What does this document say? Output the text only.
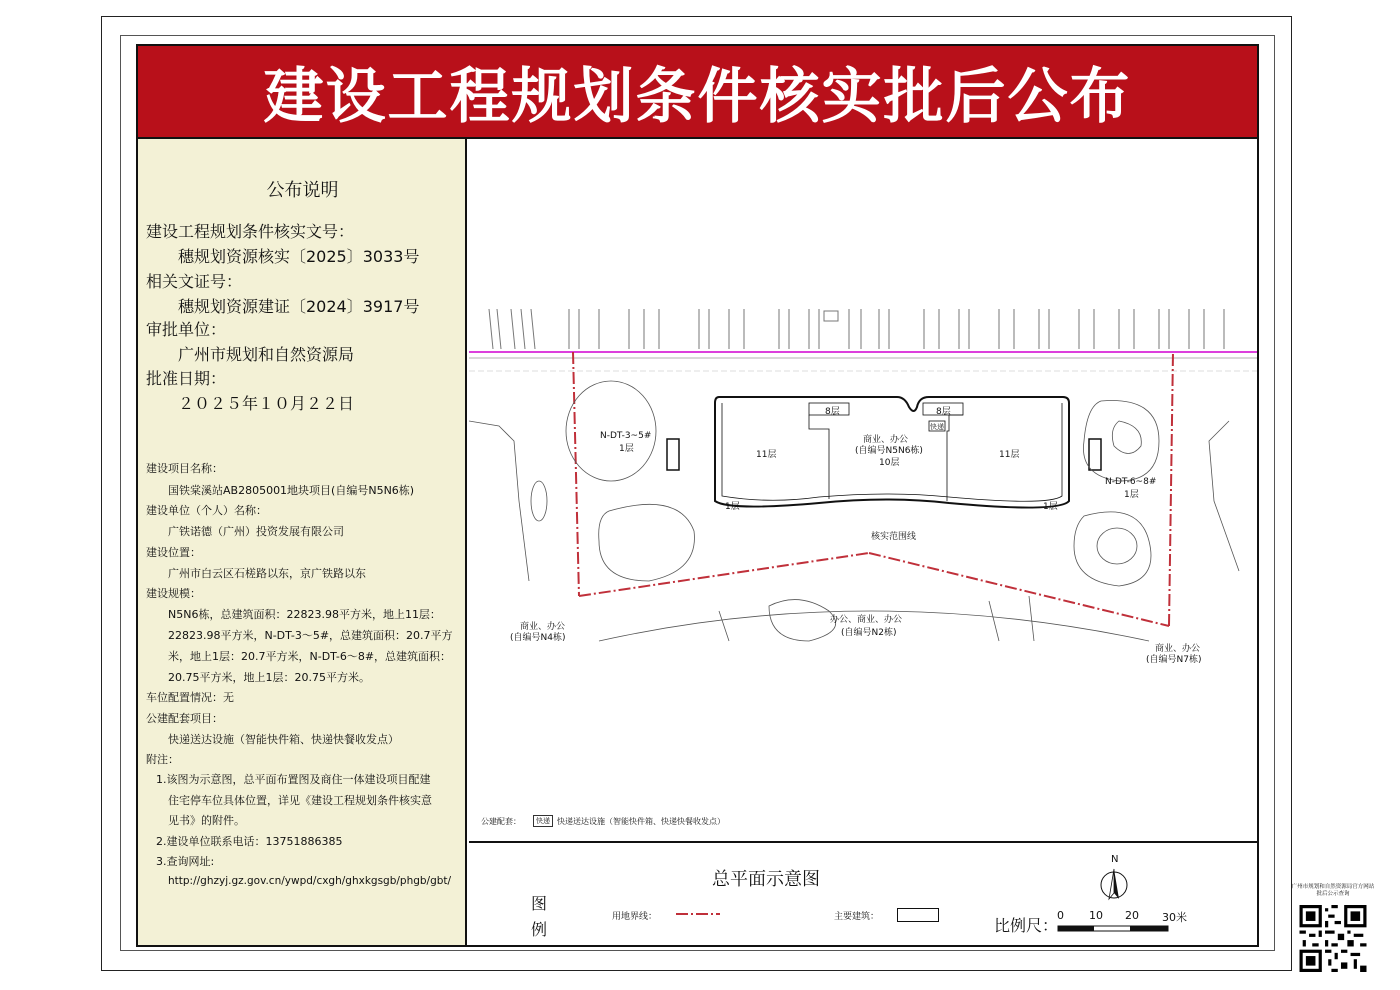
建设工程规划条件核实批后公布
公布说明
建设工程规划条件核实文号：
穗规划资源核实〔2025〕3033号
相关文证号：
穗规划资源建证〔2024〕3917号
审批单位：
广州市规划和自然资源局
批准日期：
２０２５年１０月２２日
建设项目名称：
国铁棠溪站AB2805001地块项目(自编号N5N6栋)
建设单位（个人）名称：
广铁诺德（广州）投资发展有限公司
建设位置：
广州市白云区石槎路以东，京广铁路以东
建设规模：
N5N6栋，总建筑面积：22823.98平方米，地上11层：
22823.98平方米，N-DT-3～5#，总建筑面积：20.7平方
米，地上1层：20.7平方米，N-DT-6～8#，总建筑面积：
20.75平方米，地上1层：20.75平方米。
车位配置情况：无
公建配套项目：
快递送达设施（智能快件箱、快递快餐收发点）
附注：
1.该图为示意图，总平面布置图及商住一体建设项目配建
住宅停车位具体位置，详见《建设工程规划条件核实意
见书》的附件。
2.建设单位联系电话：13751886385
3.查询网址:
http://ghzyj.gz.gov.cn/ywpd/cxgh/ghxkgsgb/phgb/gbt/
8层	8层
11层	11层
1层	1层
商业、办公
(自编号N5N6栋)
10层
快递
N-DT-3~5#
1层
N-DT-6~8#
1层
核实范围线
商业、办公
(自编号N4栋)
办公、商业、办公
(自编号N2栋)
商业、办公
(自编号N7栋)
公建配套：	快递 快递送达设施（智能快件箱、快递快餐收发点）
总平面示意图
图
例
用地界线：	主要建筑：	比例尺：
0 10 20 30米
N
广州市规划和自然资源局官方网站批后公示查询
